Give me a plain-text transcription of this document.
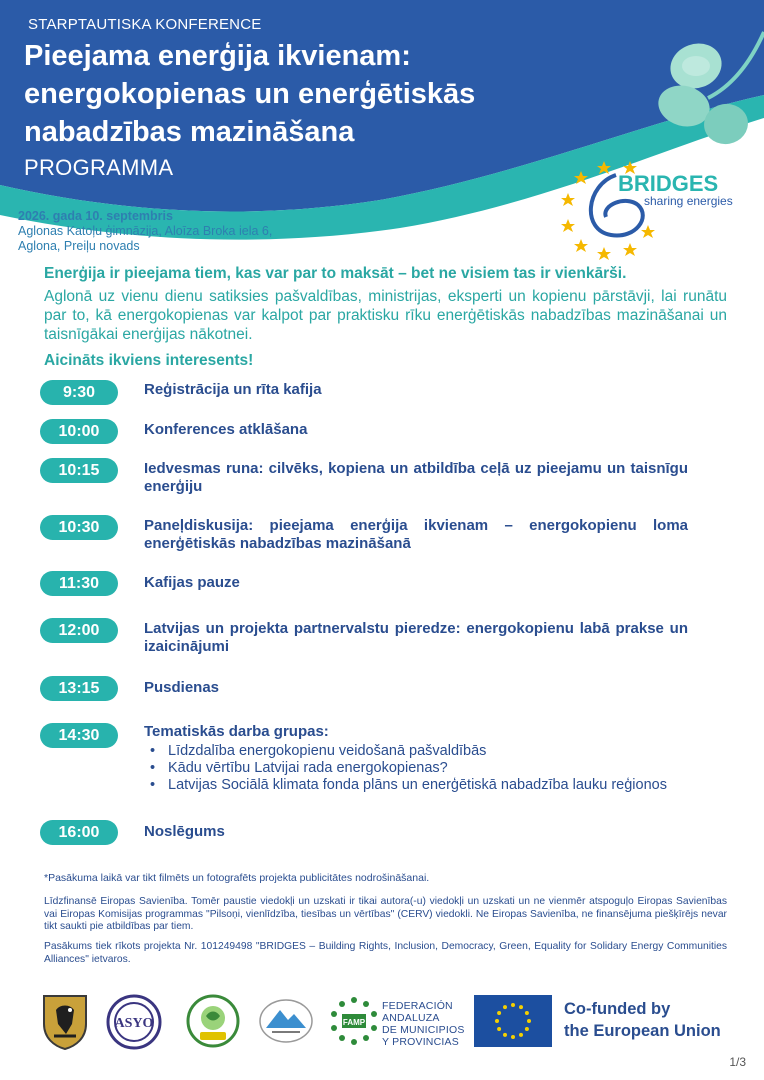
STARPTAUTISKA KONFERENCE
Pieejama enerģija ikvienam: energokopienas un enerģētiskās nabadzības mazināšana
PROGRAMMA
BRIDGES
sharing energies
2026. gada 10. septembris
Aglonas Katoļu ģimnāzija, Aloīza Broka iela 6,
Aglona, Preiļu novads
Enerģija ir pieejama tiem, kas var par to maksāt – bet ne visiem tas ir vienkārši.
Aglonā uz vienu dienu satiksies pašvaldības, ministrijas, eksperti un kopienu pārstāvji, lai runātu par to, kā energokopienas var kalpot par praktisku rīku enerģētiskās nabadzības mazināšanai un taisnīgākai enerģijas nākotnei.
Aicināts ikviens interesents!
9:30	Reģistrācija un rīta kafija
10:00	Konferences atklāšana
10:15	Iedvesmas runa: cilvēks, kopiena un atbildība ceļā uz pieejamu un taisnīgu enerģiju
10:30	Paneļdiskusija: pieejama enerģija ikvienam – energokopienu loma enerģētiskās nabadzības mazināšanā
11:30	Kafijas pauze
12:00	Latvijas un projekta partnervalstu pieredze: energokopienu labā prakse un izaicinājumi
13:15	Pusdienas
14:30	Tematiskās darba grupas:
• Līdzdalība energokopienu veidošanā pašvaldībās
• Kādu vērtību Latvijai rada energokopienas?
• Latvijas Sociālā klimata fonda plāns un enerģētiskā nabadzība lauku reģionos
16:00	Noslēgums
*Pasākuma laikā var tikt filmēts un fotografēts projekta publicitātes nodrošināšanai.
Līdzfinansē Eiropas Savienība. Tomēr paustie viedokļi un uzskati ir tikai autora(-u) viedokļi un uzskati un ne vienmēr atspoguļo Eiropas Savienības vai Eiropas Komisijas programmas "Pilsoņi, vienlīdzība, tiesības un vērtības" (CERV) viedokli. Ne Eiropas Savienība, ne finansējuma piešķīrējs nevar tikt saukti pie atbildības par tiem.
Pasākums tiek rīkots projekta Nr. 101249498 "BRIDGES – Building Rights, Inclusion, Democracy, Green, Equality for Solidary Energy Communities Alliances" ietvaros.
ASYO	FAMP
FEDERACIÓN
ANDALUZA
DE MUNICIPIOS
Y PROVINCIAS
Co-funded by
the European Union
1/3
